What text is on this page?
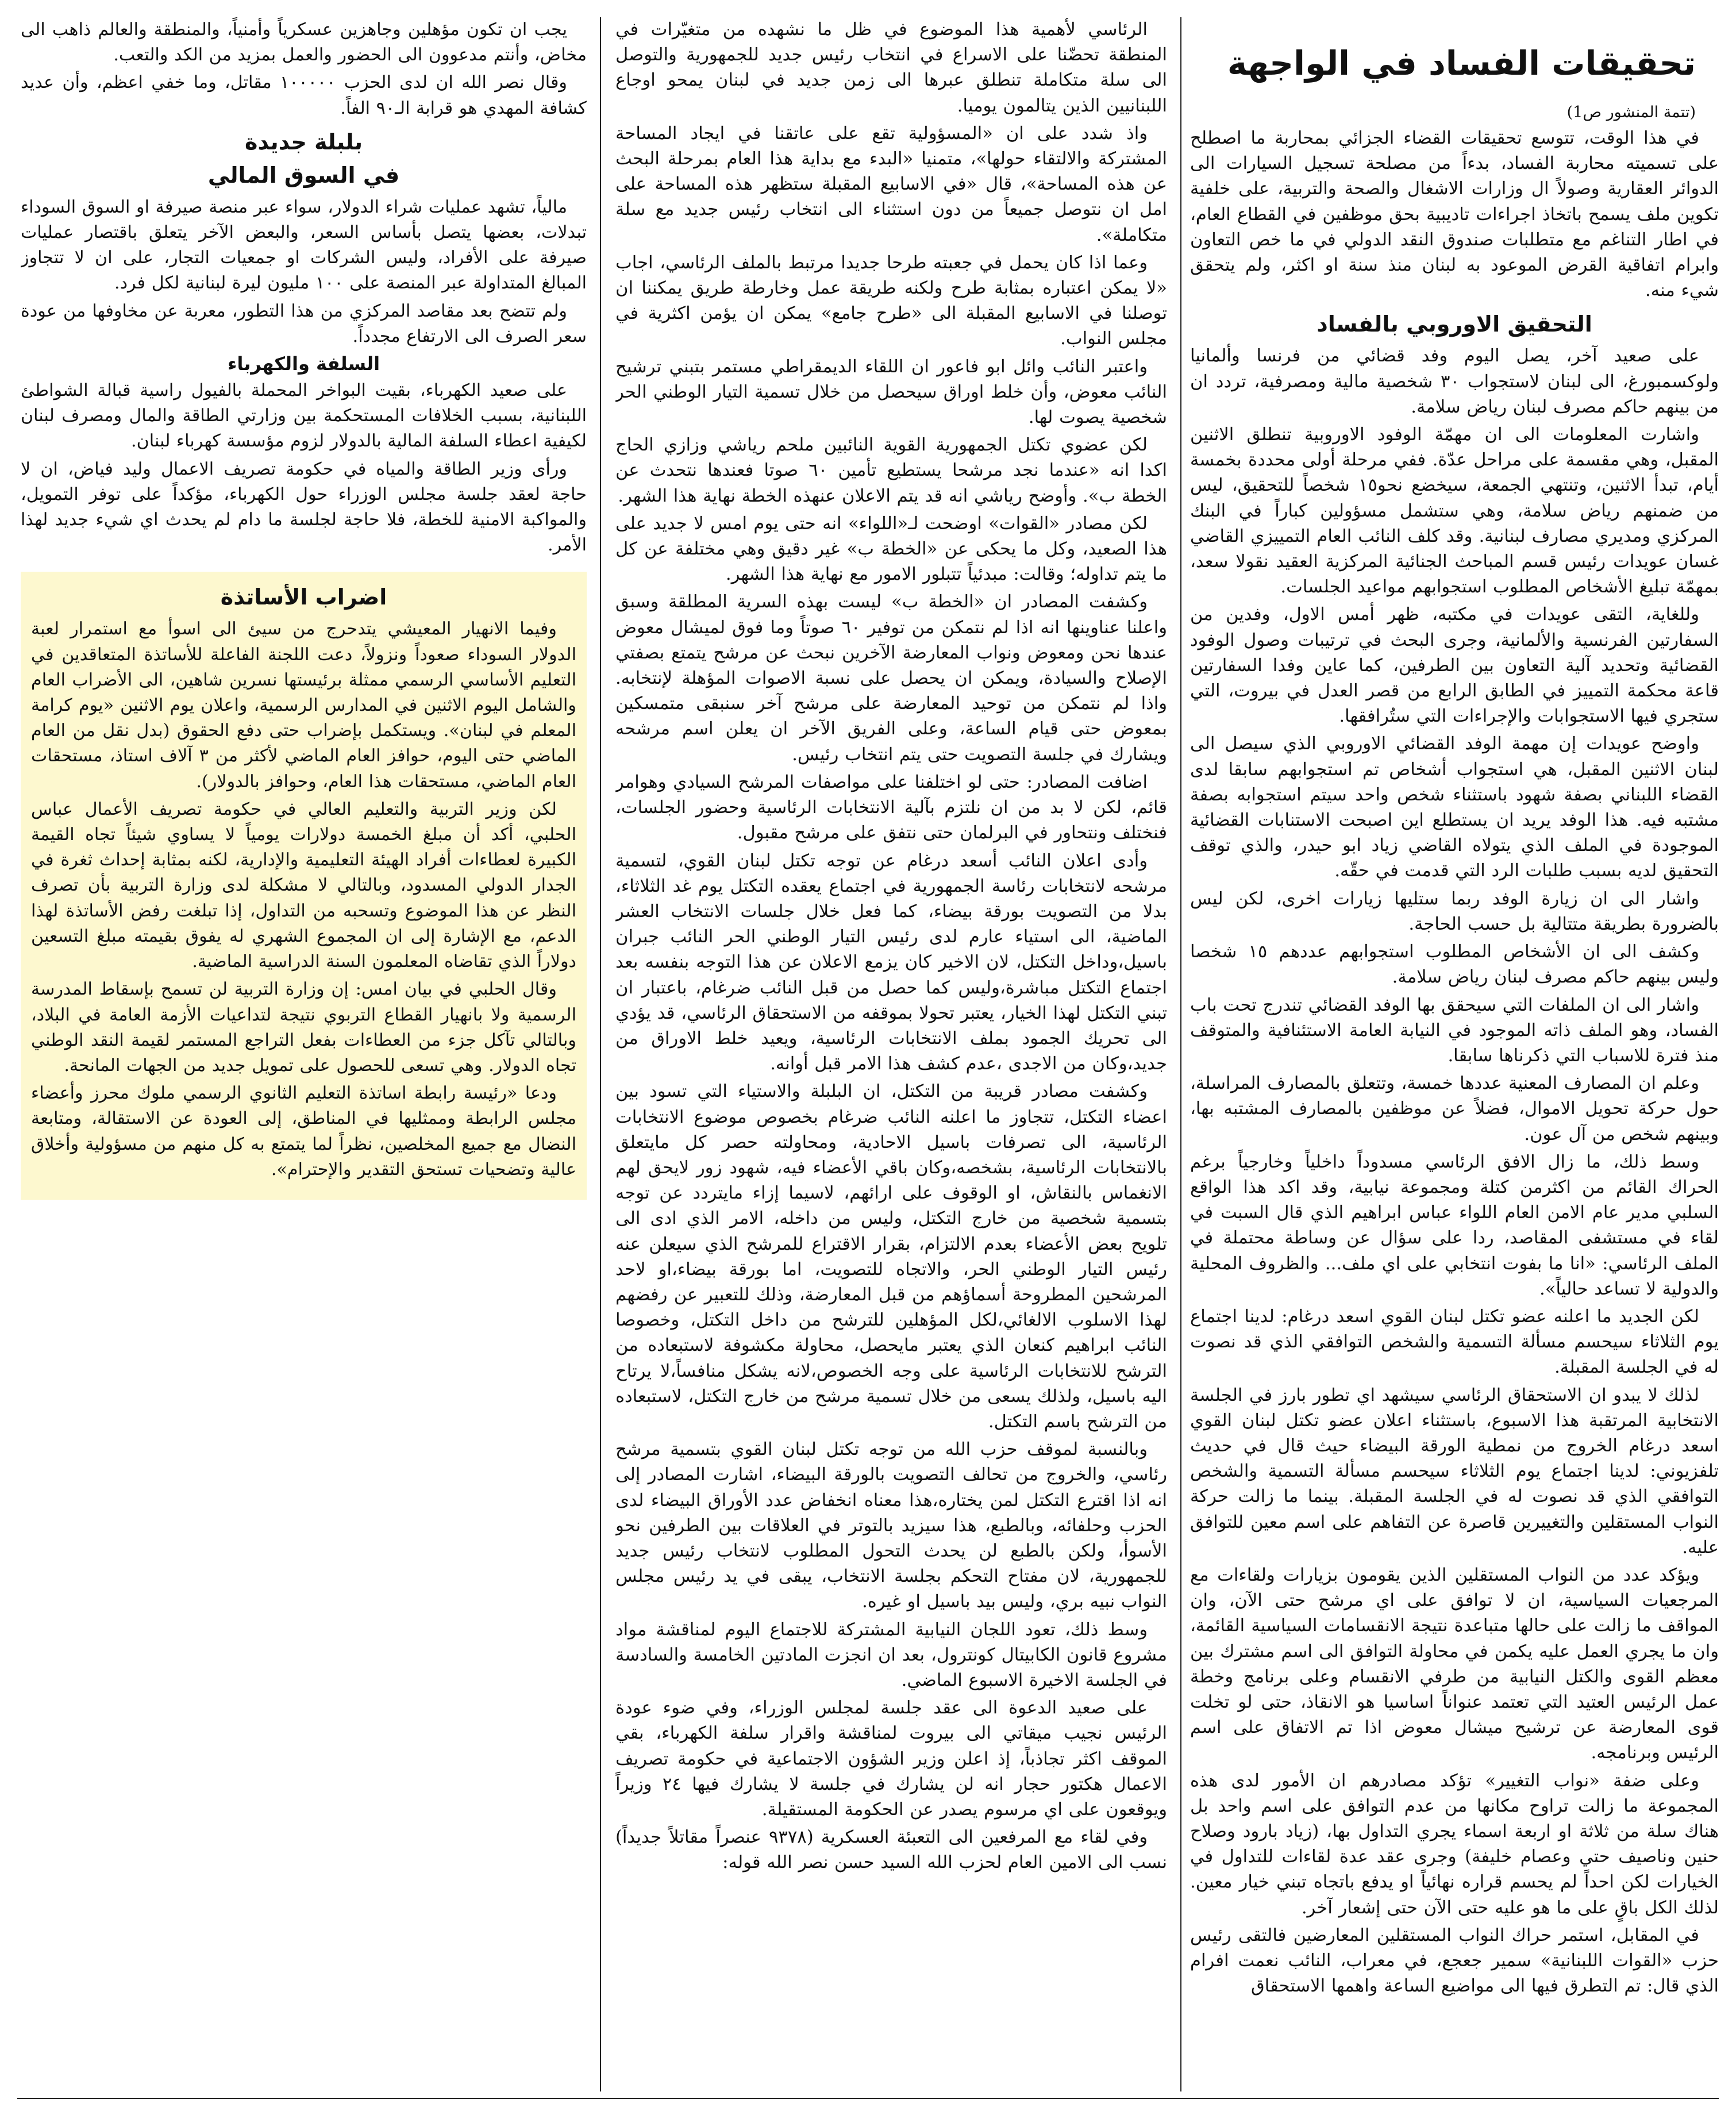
تحقيقات الفساد في الواجهة
(تتمة المنشور ص1)

في هذا الوقت، تتوسع تحقيقات القضاء الجزائي بمحاربة ما اصطلح على تسميته محاربة الفساد، بدءاً من مصلحة تسجيل السيارات الى الدوائر العقارية وصولاً ال وزارات الاشغال والصحة والتربية، على خلفية تكوين ملف يسمح باتخاذ اجراءات تاديبية بحق موظفين في القطاع العام، في اطار التناغم مع متطلبات صندوق النقد الدولي في ما خص التعاون وابرام اتفاقية القرض الموعود به لبنان منذ سنة او اكثر، ولم يتحقق شيء منه.

التحقيق الاوروبي بالفساد

على صعيد آخر، يصل اليوم وفد قضائي من فرنسا وألمانيا ولوكسمبورغ، الى لبنان لاستجواب ٣٠ شخصية مالية ومصرفية، تردد ان من بينهم حاكم مصرف لبنان رياض سلامة.

واشارت المعلومات الى ان مهمّة الوفود الاوروبية تنطلق الاثنين المقبل، وهي مقسمة على مراحل عدّة. ففي مرحلة أولى محددة بخمسة أيام، تبدأ الاثنين، وتنتهي الجمعة، سيخضع نحو١٥ شخصاً للتحقيق، ليس من ضمنهم رياض سلامة، وهي ستشمل مسؤولين كباراً في البنك المركزي ومديري مصارف لبنانية. وقد كلف النائب العام التمييزي القاضي غسان عويدات رئيس قسم المباحث الجنائية المركزية العقيد نقولا سعد، بمهمّة تبليغ الأشخاص المطلوب استجوابهم مواعيد الجلسات.

وللغاية، التقى عويدات في مكتبه، ظهر أمس الاول، وفدين من السفارتين الفرنسية والألمانية، وجرى البحث في ترتيبات وصول الوفود القضائية وتحديد آلية التعاون بين الطرفين، كما عاين وفدا السفارتين قاعة محكمة التمييز في الطابق الرابع من قصر العدل في بيروت، التي ستجري فيها الاستجوابات والإجراءات التي ستُرافقها.

واوضح عويدات إن مهمة الوفد القضائي الاوروبي الذي سيصل الى لبنان الاثنين المقبل، هي استجواب أشخاص تم استجوابهم سابقا لدى القضاء اللبناني بصفة شهود باستثناء شخص واحد سيتم استجوابه بصفة مشتبه فيه. هذا الوفد يريد ان يستطلع اين اصبحت الاستنابات القضائية الموجودة في الملف الذي يتولاه القاضي زياد ابو حيدر، والذي توقف التحقيق لديه بسبب طلبات الرد التي قدمت في حقّه.

واشار الى ان زيارة الوفد ربما ستليها زيارات اخرى، لكن ليس بالضرورة بطريقة متتالية بل حسب الحاجة.

وكشف الى ان الأشخاص المطلوب استجوابهم عددهم ١٥ شخصا وليس بينهم حاكم مصرف لبنان رياض سلامة.

واشار الى ان الملفات التي سيحقق بها الوفد القضائي تندرج تحت باب الفساد، وهو الملف ذاته الموجود في النيابة العامة الاستئنافية والمتوقف منذ فترة للاسباب التي ذكرناها سابقا.

وعلم ان المصارف المعنية عددها خمسة، وتتعلق بالمصارف المراسلة، حول حركة تحويل الاموال، فضلاً عن موظفين بالمصارف المشتبه بها، وبينهم شخص من آل عون.

وسط ذلك، ما زال الافق الرئاسي مسدوداً داخلياً وخارجياً برغم الحراك القائم من اكثرمن كتلة ومجموعة نيابية، وقد اكد هذا الواقع السلبي مدير عام الامن العام اللواء عباس ابراهيم الذي قال السبت في لقاء في مستشفى المقاصد، ردا على سؤال عن وساطة محتملة في الملف الرئاسي: «انا ما بفوت انتخابي على اي ملف... والظروف المحلية والدولية لا تساعد حالياً».

لكن الجديد ما اعلنه عضو تكتل لبنان القوي اسعد درغام: لدينا اجتماع يوم الثلاثاء سيحسم مسألة التسمية والشخص التوافقي الذي قد نصوت له في الجلسة المقبلة.

لذلك لا يبدو ان الاستحقاق الرئاسي سيشهد اي تطور بارز في الجلسة الانتخابية المرتقبة هذا الاسبوع، باستثناء اعلان عضو تكتل لبنان القوي اسعد درغام الخروج من نمطية الورقة البيضاء حيث قال في حديث تلفزيوني: لدينا اجتماع يوم الثلاثاء سيحسم مسألة التسمية والشخص التوافقي الذي قد نصوت له في الجلسة المقبلة. بينما ما زالت حركة النواب المستقلين والتغييرين قاصرة عن التفاهم على اسم معين للتوافق عليه.

ويؤكد عدد من النواب المستقلين الذين يقومون بزيارات ولقاءات مع المرجعيات السياسية، ان لا توافق على اي مرشح حتى الآن، وان المواقف ما زالت على حالها متباعدة نتيجة الانقسامات السياسية القائمة، وان ما يجري العمل عليه يكمن في محاولة التوافق الى اسم مشترك بين معظم القوى والكتل النيابية من طرفي الانقسام وعلى برنامج وخطة عمل الرئيس العتيد التي تعتمد عنواناً اساسيا هو الانقاذ، حتى لو تخلت قوى المعارضة عن ترشيح ميشال معوض اذا تم الاتفاق على اسم الرئيس وبرنامجه.

وعلى ضفة «نواب التغيير» تؤكد مصادرهم ان الأمور لدى هذه المجموعة ما زالت تراوح مكانها من عدم التوافق على اسم واحد بل هناك سلة من ثلاثة او اربعة اسماء يجري التداول بها، (زياد بارود وصلاح حنين وناصيف حتي وعصام خليفة) وجرى عقد عدة لقاءات للتداول في الخيارات لكن احداً لم يحسم قراره نهائياً او يدفع باتجاه تبني خيار معين. لذلك الكل باقٍ على ما هو عليه حتى الآن حتى إشعار آخر.

في المقابل، استمر حراك النواب المستقلين المعارضين فالتقى رئيس حزب «القوات اللبنانية» سمير جعجع، في معراب، النائب نعمت افرام الذي قال: تم التطرق فيها الى مواضيع الساعة واهمها الاستحقاق

الرئاسي لأهمية هذا الموضوع في ظل ما نشهده من متغيّرات في المنطقة تحضّنا على الاسراع في انتخاب رئيس جديد للجمهورية والتوصل الى سلة متكاملة تنطلق عبرها الى زمن جديد في لبنان يمحو اوجاع اللبنانيين الذين يتالمون يوميا.

واذ شدد على ان «المسؤولية تقع على عاتقنا في ايجاد المساحة المشتركة والالتقاء حولها»، متمنيا «البدء مع بداية هذا العام بمرحلة البحث عن هذه المساحة»، قال «في الاسابيع المقبلة ستظهر هذه المساحة على امل ان نتوصل جميعاً من دون استثناء الى انتخاب رئيس جديد مع سلة متكاملة».

وعما اذا كان يحمل في جعبته طرحا جديدا مرتبط بالملف الرئاسي، اجاب «لا يمكن اعتباره بمثابة طرح ولكنه طريقة عمل وخارطة طريق يمكننا ان توصلنا في الاسابيع المقبلة الى «طرح جامع» يمكن ان يؤمن اكثرية في مجلس النواب.

واعتبر النائب وائل ابو فاعور ان اللقاء الديمقراطي مستمر بتبني ترشيح النائب معوض، وأن خلط اوراق سيحصل من خلال تسمية التيار الوطني الحر شخصية يصوت لها.

لكن عضوي تكتل الجمهورية القوية النائبين ملحم رياشي وزازي الحاج اكدا انه «عندما نجد مرشحا يستطيع تأمين ٦٠ صوتا فعندها نتحدث عن الخطة ب». وأوضح رياشي انه قد يتم الاعلان عنهذه الخطة نهاية هذا الشهر.

لكن مصادر «القوات» اوضحت لـ«اللواء» انه حتى يوم امس لا جديد على هذا الصعيد، وكل ما يحكى عن «الخطة ب» غير دقيق وهي مختلفة عن كل ما يتم تداوله؛ وقالت: مبدئياً تتبلور الامور مع نهاية هذا الشهر.

وكشفت المصادر ان «الخطة ب» ليست بهذه السرية المطلقة وسبق واعلنا عناوينها انه اذا لم نتمكن من توفير ٦٠ صوتاً وما فوق لميشال معوض عندها نحن ومعوض ونواب المعارضة الآخرين نبحث عن مرشح يتمتع بصفتي الإصلاح والسيادة، ويمكن ان يحصل على نسبة الاصوات المؤهلة لإنتخابه. واذا لم نتمكن من توحيد المعارضة على مرشح آخر سنبقى متمسكين بمعوض حتى قيام الساعة، وعلى الفريق الآخر ان يعلن اسم مرشحه ويشارك في جلسة التصويت حتى يتم انتخاب رئيس.

اضافت المصادر: حتى لو اختلفنا على مواصفات المرشح السيادي وهوامر قائم، لكن لا بد من ان نلتزم بآلية الانتخابات الرئاسية وحضور الجلسات، فنختلف ونتحاور في البرلمان حتى نتفق على مرشح مقبول.

وأدى اعلان النائب أسعد درغام عن توجه تكتل لبنان القوي، لتسمية مرشحه لانتخابات رئاسة الجمهورية في اجتماع يعقده التكتل يوم غد الثلاثاء، بدلا من التصويت بورقة بيضاء، كما فعل خلال جلسات الانتخاب العشر الماضية، الى استياء عارم لدى رئيس التيار الوطني الحر النائب جبران باسيل،وداخل التكتل، لان الاخير كان يزمع الاعلان عن هذا التوجه بنفسه بعد اجتماع التكتل مباشرة،وليس كما حصل من قبل النائب ضرغام، باعتبار ان تبني التكتل لهذا الخيار، يعتبر تحولا بموقفه من الاستحقاق الرئاسي، قد يؤدي الى تحريك الجمود بملف الانتخابات الرئاسية، ويعيد خلط الاوراق من جديد،وكان من الاجدى ،عدم كشف هذا الامر قبل أوانه.

وكشفت مصادر قريبة من التكتل، ان البلبلة والاستياء التي تسود بين اعضاء التكتل، تتجاوز ما اعلنه النائب ضرغام بخصوص موضوع الانتخابات الرئاسية، الى تصرفات باسيل الاحادية، ومحاولته حصر كل مايتعلق بالانتخابات الرئاسية، بشخصه،وكان باقي الأعضاء فيه، شهود زور لايحق لهم الانغماس بالنقاش، او الوقوف على ارائهم، لاسيما إزاء مايتردد عن توجه بتسمية شخصية من خارج التكتل، وليس من داخله، الامر الذي ادى الى تلويح بعض الأعضاء بعدم الالتزام، بقرار الاقتراع للمرشح الذي سيعلن عنه رئيس التيار الوطني الحر، والاتجاه للتصويت، اما بورقة بيضاء،او لاحد المرشحين المطروحة أسماؤهم من قبل المعارضة، وذلك للتعبير عن رفضهم لهذا الاسلوب الالغائي،لكل المؤهلين للترشح من داخل التكتل، وخصوصا النائب ابراهيم كنعان الذي يعتبر مايحصل، محاولة مكشوفة لاستبعاده من الترشح للانتخابات الرئاسية على وجه الخصوص،لانه يشكل منافساً،لا يرتاح اليه باسيل، ولذلك يسعى من خلال تسمية مرشح من خارج التكتل، لاستبعاده من الترشح باسم التكتل.

وبالنسبة لموقف حزب الله من توجه تكتل لبنان القوي بتسمية مرشح رئاسي، والخروج من تحالف التصويت بالورقة البيضاء، اشارت المصادر إلى انه اذا اقترع التكتل لمن يختاره،هذا معناه انخفاض عدد الأوراق البيضاء لدى الحزب وحلفائه، وبالطبع، هذا سيزيد بالتوتر في العلاقات بين الطرفين نحو الأسوأ، ولكن بالطبع لن يحدث التحول المطلوب لانتخاب رئيس جديد للجمهورية، لان مفتاح التحكم بجلسة الانتخاب، يبقى في يد رئيس مجلس النواب نبيه بري، وليس بيد باسيل او غيره.

وسط ذلك، تعود اللجان النيابية المشتركة للاجتماع اليوم لمناقشة مواد مشروع قانون الكابيتال كونترول، بعد ان انجزت المادتين الخامسة والسادسة في الجلسة الاخيرة الاسبوع الماضي.

على صعيد الدعوة الى عقد جلسة لمجلس الوزراء، وفي ضوء عودة الرئيس نجيب ميقاتي الى بيروت لمناقشة واقرار سلفة الكهرباء، بقي الموقف اكثر تجاذباً، إذ اعلن وزير الشؤون الاجتماعية في حكومة تصريف الاعمال هكتور حجار انه لن يشارك في جلسة لا يشارك فيها ٢٤ وزيراً ويوقعون على اي مرسوم يصدر عن الحكومة المستقيلة.

وفي لقاء مع المرفعين الى التعبئة العسكرية (٩٣٧٨ عنصراً مقاتلاً جديداً) نسب الى الامين العام لحزب الله السيد حسن نصر الله قوله:

يجب ان تكون مؤهلين وجاهزين عسكرياً وأمنياً، والمنطقة والعالم ذاهب الى مخاض، وأنتم مدعوون الى الحضور والعمل بمزيد من الكد والتعب.

وقال نصر الله ان لدى الحزب ١٠٠٠٠٠ مقاتل، وما خفي اعظم، وأن عديد كشافة المهدي هو قرابة الـ٩٠ الفاً.

بلبلة جديدة
في السوق المالي

مالياً، تشهد عمليات شراء الدولار، سواء عبر منصة صيرفة او السوق السوداء تبدلات، بعضها يتصل بأساس السعر، والبعض الآخر يتعلق باقتصار عمليات صيرفة على الأفراد، وليس الشركات او جمعيات التجار، على ان لا تتجاوز المبالغ المتداولة عبر المنصة على ١٠٠ مليون ليرة لبنانية لكل فرد.

ولم تتضح بعد مقاصد المركزي من هذا التطور، معربة عن مخاوفها من عودة سعر الصرف الى الارتفاع مجدداً.

السلفة والكهرباء

على صعيد الكهرباء، بقيت البواخر المحملة بالفيول راسية قبالة الشواطئ اللبنانية، بسبب الخلافات المستحكمة بين وزارتي الطاقة والمال ومصرف لبنان لكيفية اعطاء السلفة المالية بالدولار لزوم مؤسسة كهرباء لبنان.

ورأى وزير الطاقة والمياه في حكومة تصريف الاعمال وليد فياض، ان لا حاجة لعقد جلسة مجلس الوزراء حول الكهرباء، مؤكداً على توفر التمويل، والمواكبة الامنية للخطة، فلا حاجة لجلسة ما دام لم يحدث اي شيء جديد لهذا الأمر.

اضراب الأساتذة

وفيما الانهيار المعيشي يتدحرج من سيئ الى اسوأ مع استمرار لعبة الدولار السوداء صعوداً ونزولاً، دعت اللجنة الفاعلة للأساتذة المتعاقدين في التعليم الأساسي الرسمي ممثلة برئيستها نسرين شاهين، الى الأضراب العام والشامل اليوم الاثنين في المدارس الرسمية، واعلان يوم الاثنين «يوم كرامة المعلم في لبنان». ويستكمل بإضراب حتى دفع الحقوق (بدل نقل من العام الماضي حتى اليوم، حوافز العام الماضي لأكثر من ٣ آلاف استاذ، مستحقات العام الماضي، مستحقات هذا العام، وحوافز بالدولار).

لكن وزير التربية والتعليم العالي في حكومة تصريف الأعمال عباس الحلبي، أكد أن مبلغ الخمسة دولارات يومياً لا يساوي شيئاً تجاه القيمة الكبيرة لعطاءات أفراد الهيئة التعليمية والإدارية، لكنه بمثابة إحداث ثغرة في الجدار الدولي المسدود، وبالتالي لا مشكلة لدى وزارة التربية بأن تصرف النظر عن هذا الموضوع وتسحبه من التداول، إذا تبلغت رفض الأساتذة لهذا الدعم، مع الإشارة إلى ان المجموع الشهري له يفوق بقيمته مبلغ التسعين دولاراً الذي تقاضاه المعلمون السنة الدراسية الماضية.

وقال الحلبي في بيان امس: إن وزارة التربية لن تسمح بإسقاط المدرسة الرسمية ولا بانهيار القطاع التربوي نتيجة لتداعيات الأزمة العامة في البلاد، وبالتالي تآكل جزء من العطاءات بفعل التراجع المستمر لقيمة النقد الوطني تجاه الدولار. وهي تسعى للحصول على تمويل جديد من الجهات المانحة.

ودعا «رئيسة رابطة اساتذة التعليم الثانوي الرسمي ملوك محرز وأعضاء مجلس الرابطة وممثليها في المناطق، إلى العودة عن الاستقالة، ومتابعة النضال مع جميع المخلصين، نظراً لما يتمتع به كل منهم من مسؤولية وأخلاق عالية وتضحيات تستحق التقدير والإحترام».
